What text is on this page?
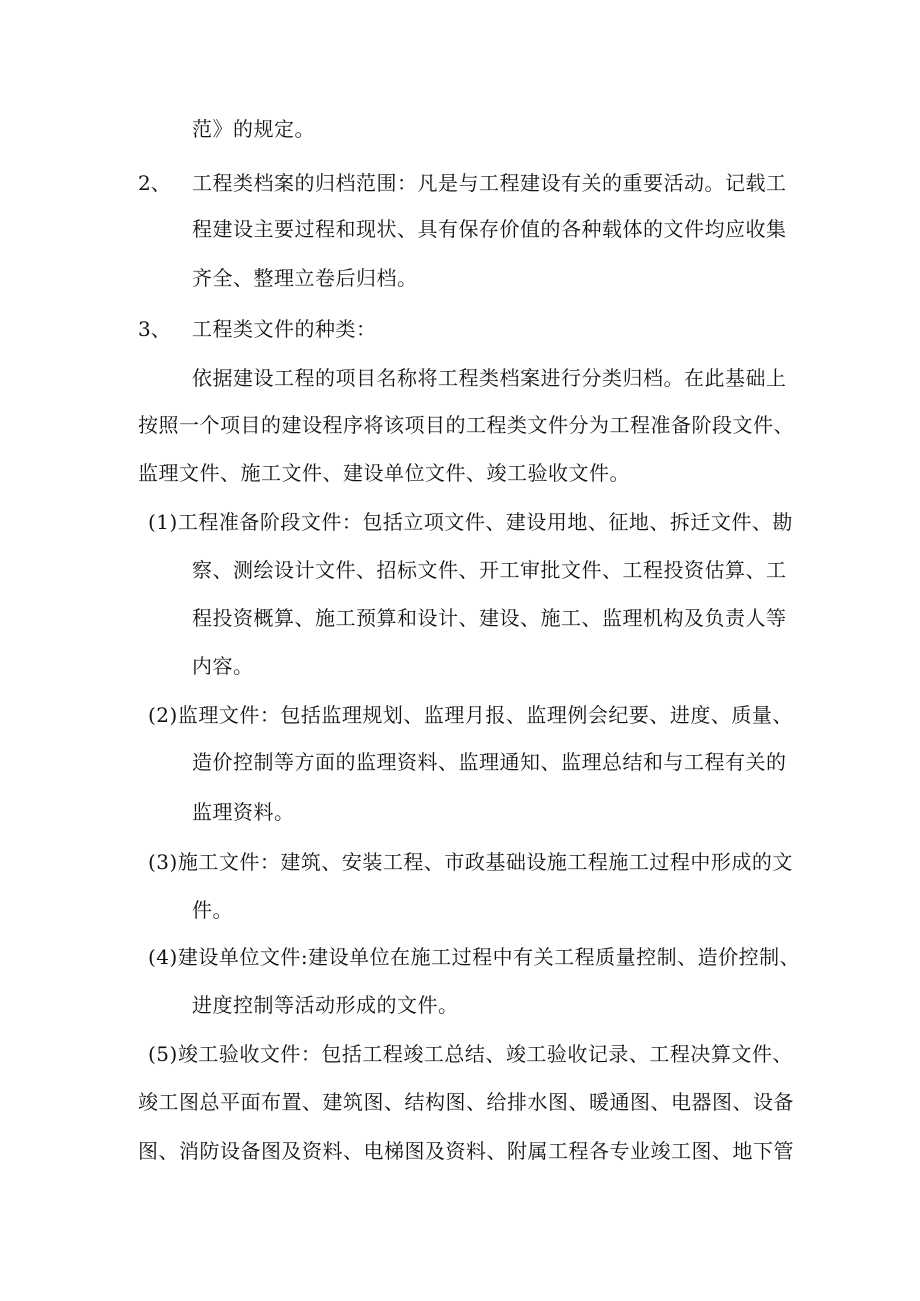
范》的规定。
2、 工程类档案的归档范围：凡是与工程建设有关的重要活动。记载工
程建设主要过程和现状、具有保存价值的各种载体的文件均应收集
齐全、整理立卷后归档。
3、 工程类文件的种类：
依据建设工程的项目名称将工程类档案进行分类归档。在此基础上
按照一个项目的建设程序将该项目的工程类文件分为工程准备阶段文件、
监理文件、施工文件、建设单位文件、竣工验收文件。
(1)工程准备阶段文件：包括立项文件、建设用地、征地、拆迁文件、勘
察、测绘设计文件、招标文件、开工审批文件、工程投资估算、工
程投资概算、施工预算和设计、建设、施工、监理机构及负责人等
内容。
(2)监理文件：包括监理规划、监理月报、监理例会纪要、进度、质量、
造价控制等方面的监理资料、监理通知、监理总结和与工程有关的
监理资料。
(3)施工文件：建筑、安装工程、市政基础设施工程施工过程中形成的文
件。
(4)建设单位文件:建设单位在施工过程中有关工程质量控制、造价控制、
进度控制等活动形成的文件。
(5)竣工验收文件：包括工程竣工总结、竣工验收记录、工程决算文件、
竣工图总平面布置、建筑图、结构图、给排水图、暖通图、电器图、设备
图、消防设备图及资料、电梯图及资料、附属工程各专业竣工图、地下管
